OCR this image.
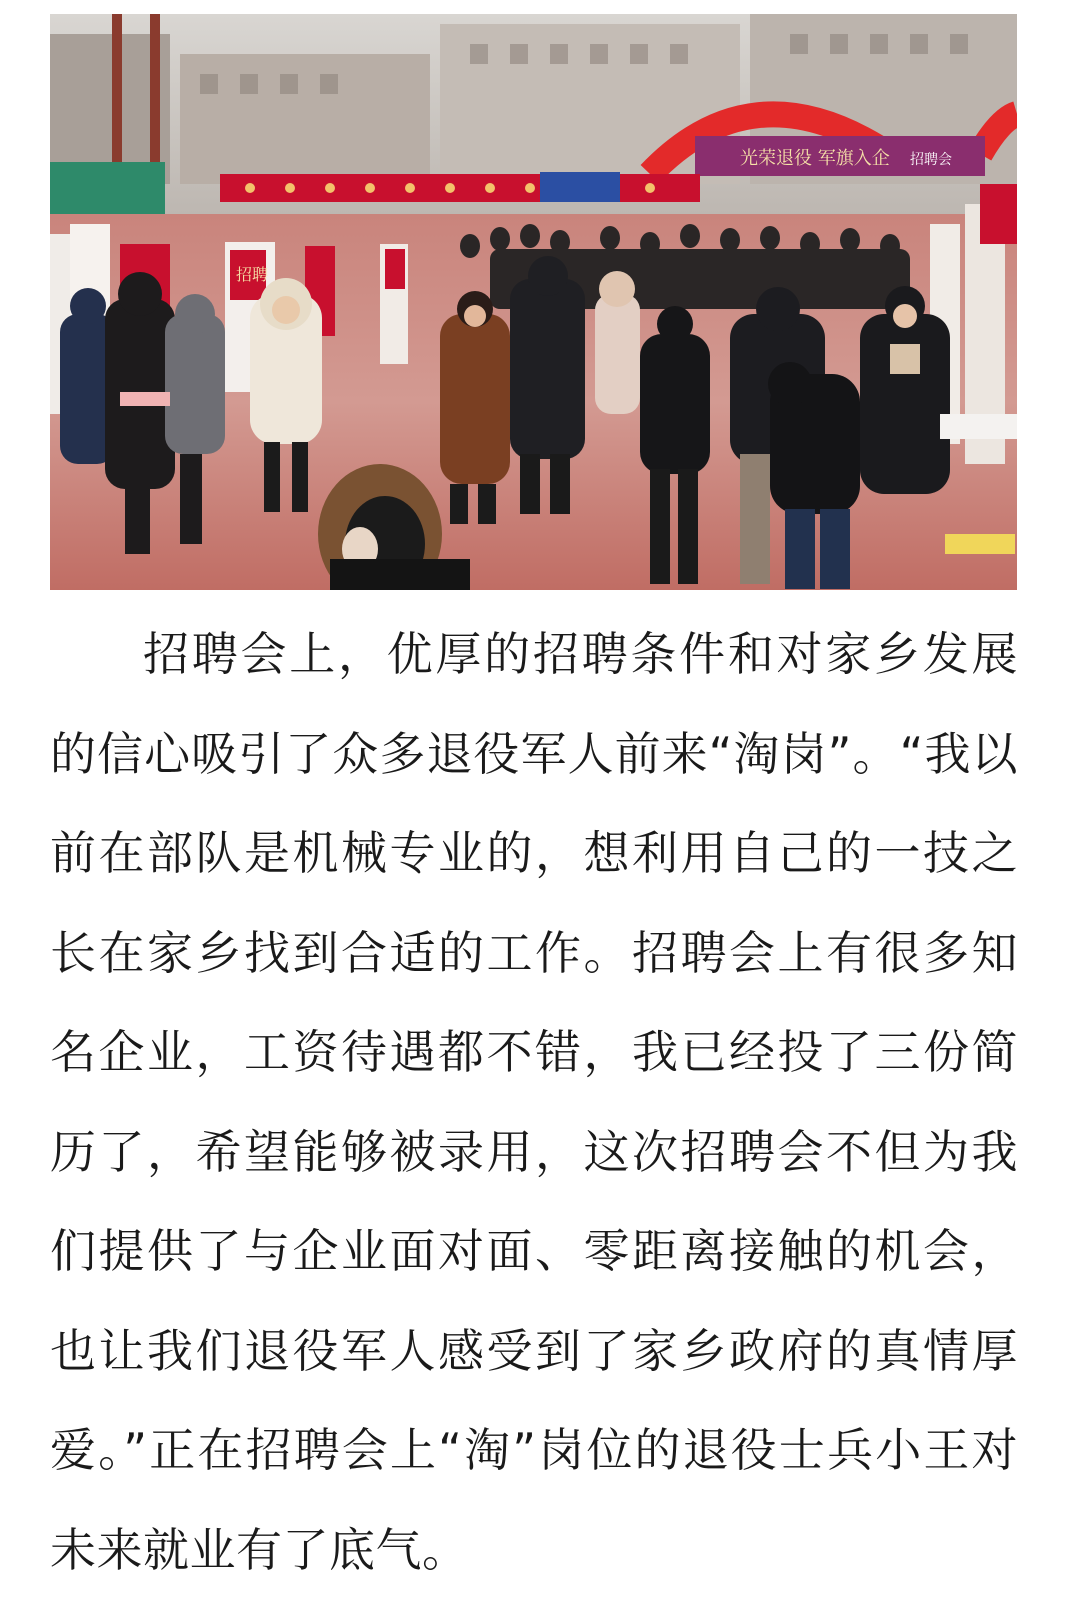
光荣退役 军旗入企 招聘会
招聘

招聘会上，优厚的招聘条件和对家乡发展的信心吸引了众多退役军人前来“淘岗”。“我以前在部队是机械专业的，想利用自己的一技之长在家乡找到合适的工作。招聘会上有很多知名企业，工资待遇都不错，我已经投了三份简历了，希望能够被录用，这次招聘会不但为我们提供了与企业面对面、零距离接触的机会，也让我们退役军人感受到了家乡政府的真情厚爱。”正在招聘会上“淘”岗位的退役士兵小王对未来就业有了底气。
